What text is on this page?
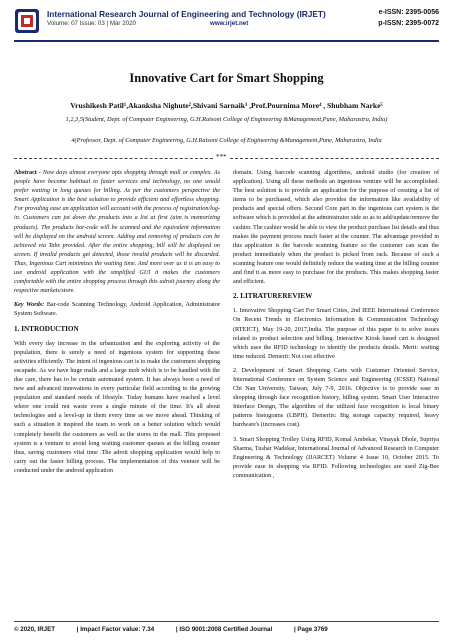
International Research Journal of Engineering and Technology (IRJET)
Volume: 07 Issue: 03 | Mar 2020	www.irjet.net
e-ISSN: 2395-0056
p-ISSN: 2395-0072
Innovative Cart for Smart Shopping
Vrushikesh Patil¹,Akanksha Nighute²,Shivani Sarnaik³ ,Prof.Pournima More⁴ , Shubham Narke⁵
1,2,3,5(Student, Dept. of Computer Engineering, G.H.Raisoni College of Engineering &Management,Pune, Maharastra, India)
4(Professor, Dept. of Computer Engineering, G.H.Raisoni College of Engineering &Management,Pune, Maharastra, India
***

Abstract - Now days almost everyone opts shopping through mall or complex. As people have become habitual to faster services and technology, no one would prefer waiting in long queues for billing. As per the customers perspective the Smart Application is the best solution to provide efficient and effortless shopping. For providing ease an application will account with the process of registration/log- in. Customers can jot down the products into a list at first (aim is memorizing products). The products bar-code will be scanned and the equivalent information will be displayed on the android screen. Adding and removing of products can be achieved via Tabs provided. After the entire shopping, bill will be displayed on screen. If invalid products get detected, those invalid products will be discarded. Thus, Ingenious Cart minimizes the waiting time. And more over as it is an easy to use android application with the simplified GUI it makes the customers comfortable with the entire shopping process through this adroit journey along the respective markets/store.

Key Words: Bar-code Scanning Technology, Android Application, Administrator System Software.

1. INTRODUCTION

With every day increase in the urbanization and the exploring activity of the population, there is surely a need of ingenious system for supporting these activities efficiently. The intent of ingenious cart is to make the customers shopping escapade. As we have huge malls and a large mob which is to be handled with the due care, there has to be certain automated system. It has always been a need of new and advanced innovations in every particular field according to the growing population and standard needs of lifestyle. Today humans have reached a level where one could not waste even a single minute of the time. It's all about technologies and a level-up in them every time as we move ahead. Thinking of such a situation it inspired the team to work on a better solution which would completely benefit the customers as well as the stores in the mall. This proposed system is a venture to avoid long waiting customer queues at the billing counter thus, saving customers vital time .The adroit shopping application would help to carry out the faster billing process. The implementation of this venture will be conducted under the android application

domain. Using barcode scanning algorithms, android studio (for creation of application). Using all these methods an ingenious venture will be accomplished. The best solution is to provide an application for the purpose of creating a list of items to be purchased, which also provides the information like availability of products and special offers. Second Core part in the ingenious cart system is the software which is provided at the administrator side so as to add/update/remove the cashier. The cashier would be able to view the product purchase list details and thus makes the payment process much faster at the counter. The advantage provided in this application is the barcode scanning feature so the customer can scan the product immediately when the product is picked from rack. Because of such a scanning feature one would definitely reduce the waiting time at the billing counter and find it as more easy to purchase for the products. This makes shopping faster and efficient.

2. LITRATUREREVIEW

1. Innovative Shopping Cart For Smart Cities, 2nd IEEE International Conference On Recent Trends in Electronics Information & Communication Technology (RTEICT), May 19-20, 2017,India. The purpose of this paper is to solve issues related to product selection and billing. Interactive Kiosk based cart is designed which uses the RFID technology to identify the products details. Merit: waiting time reduced. Demerit: Not cost effective

2. Development of Smart Shopping Carts with Customer Oriented Service, International Conference on System Science and Engineering (ICSSE) National Chi Nan University, Taiwan, July 7-9, 2016. Objective is to provide ease in shopping through face recognition history, billing system. Smart User Interactive Interface Design, The algorithm of the utilized face recognition is local binary patterns histograms (LBPH). Demerits: Big storage capacity required, heavy hardware's (increases cost).

3. Smart Shopping Trolley Using RFID, Komal Ambekar, Vinayak Dhole, Supriya Sharma, Tushar Wadekar, International Journal of Advanced Research in Computer Engineering & Technology (IJARCET) Volume 4 Issue 10, October 2015. To provide ease in shopping via RFID. Following technologies are used Zig-Bee communication ,

© 2020, IRJET	| Impact Factor value: 7.34	| ISO 9001:2008 Certified Journal	| Page 3769
